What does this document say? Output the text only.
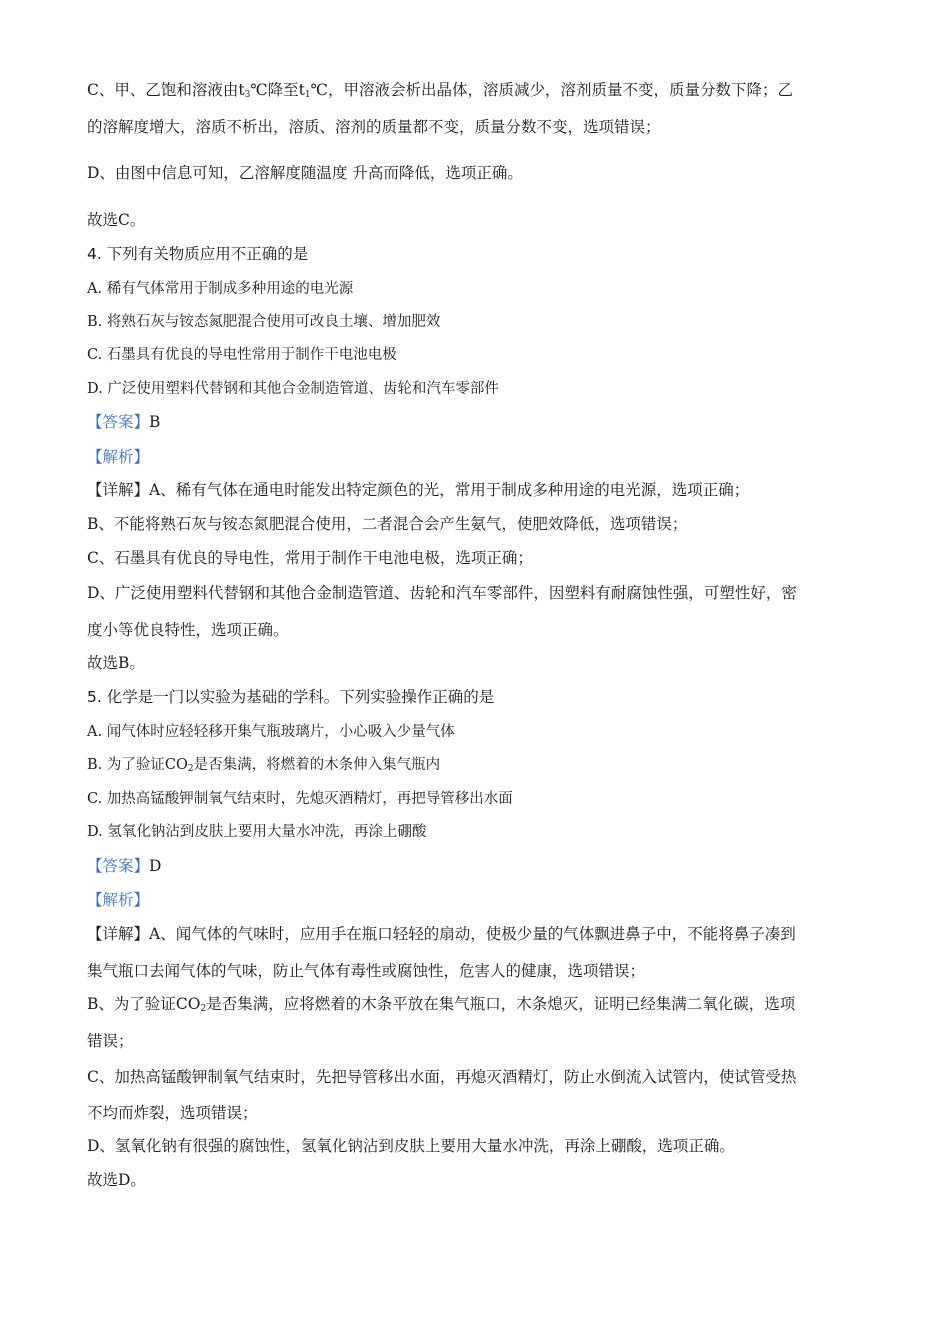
C、甲、乙饱和溶液由$t_3℃$降至$t_1℃$，甲溶液会析出晶体，溶质减少，溶剂质量不变，质量分数下降；乙
的溶解度增大，溶质不析出，溶质、溶剂的质量都不变，质量分数不变，选项错误；
D、由图中信息可知，乙溶解度随温度 升高而降低，选项正确。
故选C。
4. 下列有关物质应用不正确的是
A. 稀有气体常用于制成多种用途的电光源
B. 将熟石灰与铵态氮肥混合使用可改良土壤、增加肥效
C. 石墨具有优良的导电性常用于制作干电池电极
D. 广泛使用塑料代替钢和其他合金制造管道、齿轮和汽车零部件
【答案】B
【解析】
【详解】A、稀有气体在通电时能发出特定颜色的光，常用于制成多种用途的电光源，选项正确；
B、不能将熟石灰与铵态氮肥混合使用，二者混合会产生氨气，使肥效降低，选项错误；
C、石墨具有优良的导电性，常用于制作干电池电极，选项正确；
D、广泛使用塑料代替钢和其他合金制造管道、齿轮和汽车零部件，因塑料有耐腐蚀性强，可塑性好，密
度小等优良特性，选项正确。
故选B。
5. 化学是一门以实验为基础的学科。下列实验操作正确的是
A. 闻气体时应轻轻移开集气瓶玻璃片，小心吸入少量气体
B. 为了验证$CO_2$是否集满，将燃着的木条伸入集气瓶内
C. 加热高锰酸钾制氧气结束时，先熄灭酒精灯，再把导管移出水面
D. 氢氧化钠沾到皮肤上要用大量水冲洗，再涂上硼酸
【答案】D
【解析】
【详解】A、闻气体的气味时，应用手在瓶口轻轻的扇动，使极少量的气体飘进鼻子中，不能将鼻子凑到
集气瓶口去闻气体的气味，防止气体有毒性或腐蚀性，危害人的健康，选项错误；
B、为了验证$CO_2$是否集满，应将燃着的木条平放在集气瓶口，木条熄灭，证明已经集满二氧化碳，选项
错误；
C、加热高锰酸钾制氧气结束时，先把导管移出水面，再熄灭酒精灯，防止水倒流入试管内，使试管受热
不均而炸裂，选项错误；
D、氢氧化钠有很强的腐蚀性，氢氧化钠沾到皮肤上要用大量水冲洗，再涂上硼酸，选项正确。
故选D。
